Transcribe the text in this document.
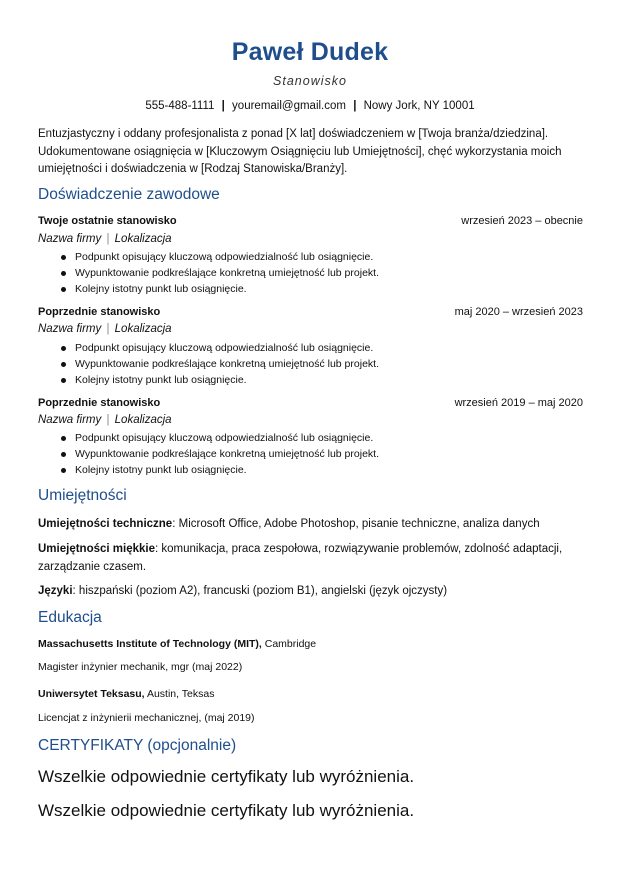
Paweł Dudek
Stanowisko
555-488-1111 | youremail@gmail.com | Nowy Jork, NY 10001
Entuzjastyczny i oddany profesjonalista z ponad [X lat] doświadczeniem w [Twoja branża/dziedzina]. Udokumentowane osiągnięcia w [Kluczowym Osiągnięciu lub Umiejętności], chęć wykorzystania moich umiejętności i doświadczenia w [Rodzaj Stanowiska/Branży].
Doświadczenie zawodowe
Twoje ostatnie stanowisko	wrzesień 2023 – obecnie
Nazwa firmy | Lokalizacja
Podpunkt opisujący kluczową odpowiedzialność lub osiągnięcie.
Wypunktowanie podkreślające konkretną umiejętność lub projekt.
Kolejny istotny punkt lub osiągnięcie.
Poprzednie stanowisko	maj 2020 – wrzesień 2023
Nazwa firmy | Lokalizacja
Podpunkt opisujący kluczową odpowiedzialność lub osiągnięcie.
Wypunktowanie podkreślające konkretną umiejętność lub projekt.
Kolejny istotny punkt lub osiągnięcie.
Poprzednie stanowisko	wrzesień 2019 – maj 2020
Nazwa firmy | Lokalizacja
Podpunkt opisujący kluczową odpowiedzialność lub osiągnięcie.
Wypunktowanie podkreślające konkretną umiejętność lub projekt.
Kolejny istotny punkt lub osiągnięcie.
Umiejętności
Umiejętności techniczne: Microsoft Office, Adobe Photoshop, pisanie techniczne, analiza danych
Umiejętności miękkie: komunikacja, praca zespołowa, rozwiązywanie problemów, zdolność adaptacji, zarządzanie czasem.
Języki: hiszpański (poziom A2), francuski (poziom B1), angielski (język ojczysty)
Edukacja
Massachusetts Institute of Technology (MIT), Cambridge
Magister inżynier mechanik, mgr (maj 2022)
Uniwersytet Teksasu, Austin, Teksas
Licencjat z inżynierii mechanicznej, (maj 2019)
CERTYFIKATY (opcjonalnie)
Wszelkie odpowiednie certyfikaty lub wyróżnienia.
Wszelkie odpowiednie certyfikaty lub wyróżnienia.
